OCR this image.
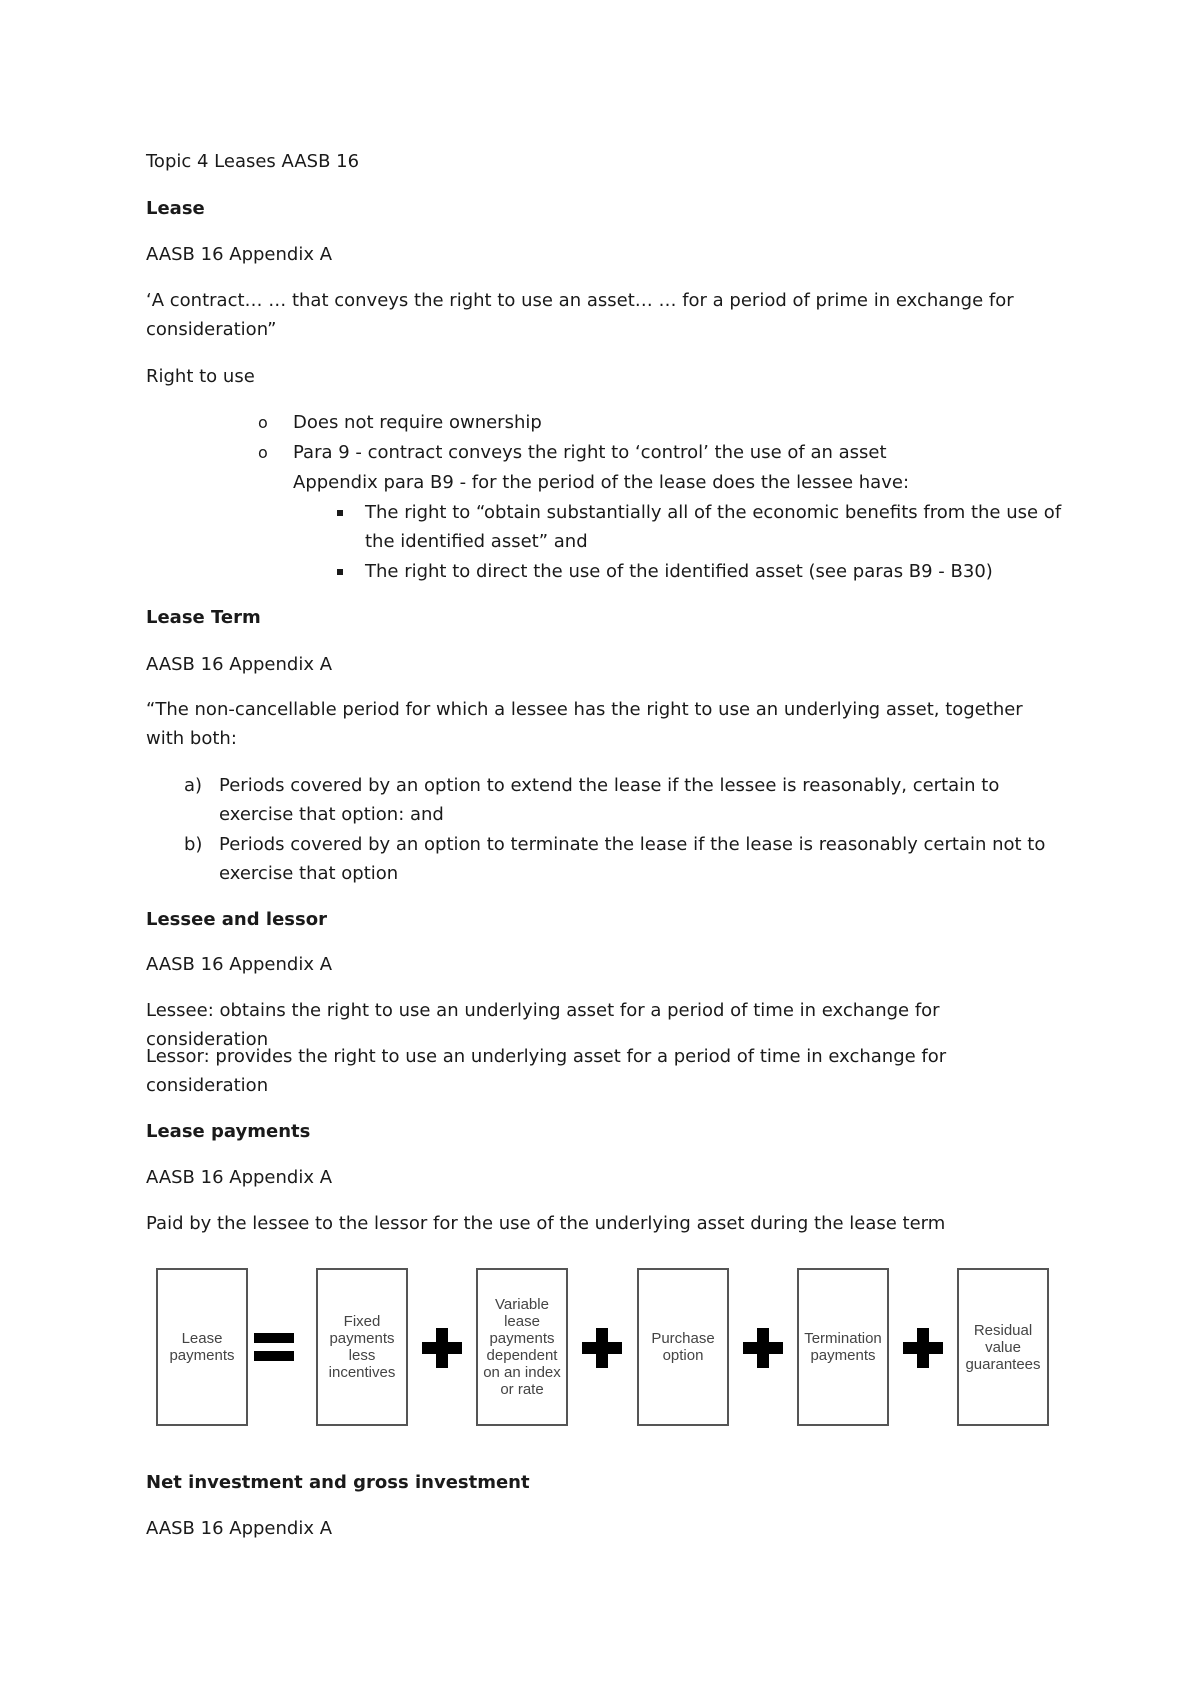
Topic 4 Leases AASB 16

Lease

AASB 16 Appendix A

‘A contract… … that conveys the right to use an asset… … for a period of prime in exchange for

consideration”

Right to use

o Does not require ownership
o Para 9 - contract conveys the right to ‘control’ the use of an asset
Appendix para B9 - for the period of the lease does the lessee have:
The right to “obtain substantially all of the economic benefits from the use of
the identified asset” and
The right to direct the use of the identified asset (see paras B9 - B30)

Lease Term

AASB 16 Appendix A

“The non-cancellable period for which a lessee has the right to use an underlying asset, together

with both:

a) Periods covered by an option to extend the lease if the lessee is reasonably, certain to
exercise that option: and
b) Periods covered by an option to terminate the lease if the lease is reasonably certain not to
exercise that option

Lessee and lessor

AASB 16 Appendix A

Lessee: obtains the right to use an underlying asset for a period of time in exchange for consideration

Lessor: provides the right to use an underlying asset for a period of time in exchange for

consideration

Lease payments

AASB 16 Appendix A

Paid by the lessee to the lessor for the use of the underlying asset during the lease term

Net investment and gross investment

AASB 16 Appendix A

Lease payments
Fixed payments less incentives
Variable lease payments dependent on an index or rate
Purchase option
Termination payments
Residual value guarantees
